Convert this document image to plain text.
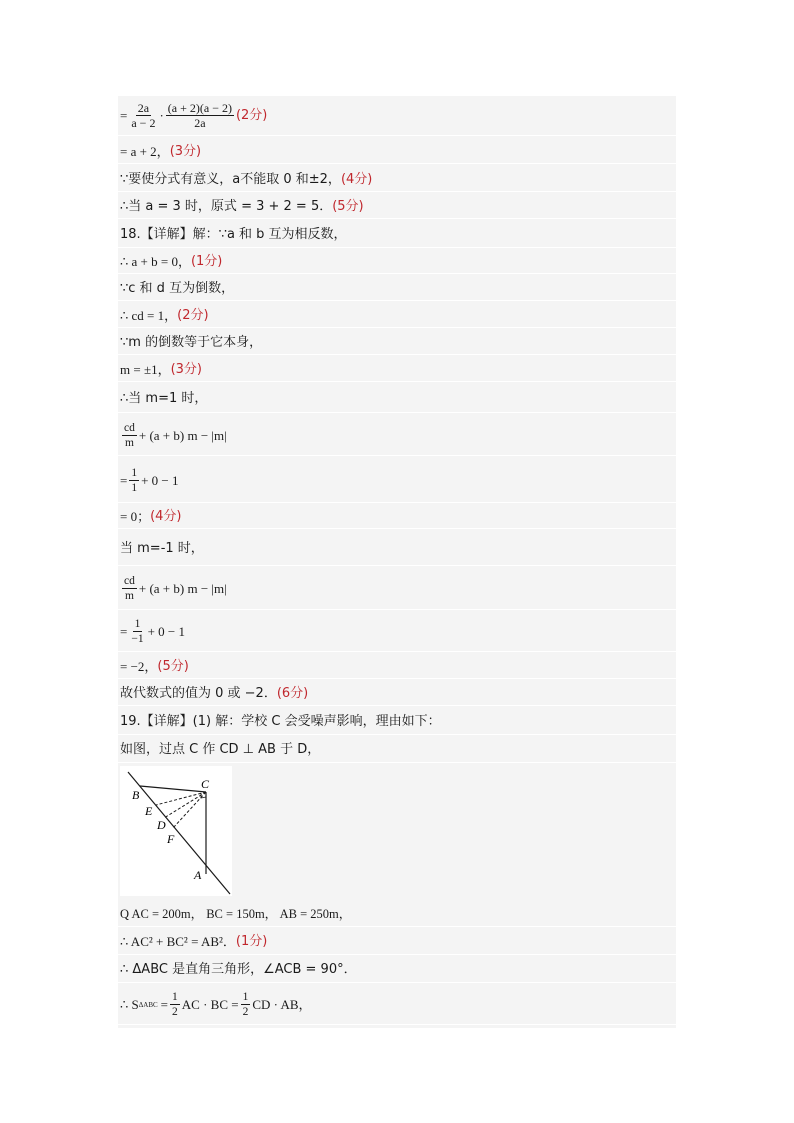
= $\frac{2a}{a - 2} \cdot \frac{(a + 2)(a - 2)}{2a} (2$分)
= a + 2， (3分)
∵要使分式有意义，a不能取 0 和±2， (4分)
∴当 a = 3 时，原式 = 3 + 2 = 5． (5分)
18.【详解】解：∵a 和 b 互为相反数，
∴ a + b = 0， (1分)
∵c 和 d 互为倒数，
∴ cd = 1， (2分)
∵m 的倒数等于它本身，
m = ±1， (3分)
∴当 m=1 时，
$\frac{cd}{m} + (a + b) m - |m|$
= $\frac{1}{1} + 0 - 1$
= 0； (4分)
当 m=-1 时，
$\frac{cd}{m} + (a + b) m - |m|$
= $\frac{1}{-1} + 0 - 1$
= −2， (5分)
故代数式的值为 0 或 −2． (6分)
19.【详解】(1) 解：学校 C 会受噪声影响，理由如下：
如图，过点 C 作 CD ⊥ AB 于 D，
B
C
E
D
F
A
Q AC = 200m， BC = 150m， AB = 250m，
∴ AC² + BC² = AB²． (1分)
∴ ΔABC 是直角三角形，∠ACB = 90°．
∴ S $\Delta ABC = \frac{1}{2}$ AC · BC = $\frac{1}{2}$ CD · AB，
